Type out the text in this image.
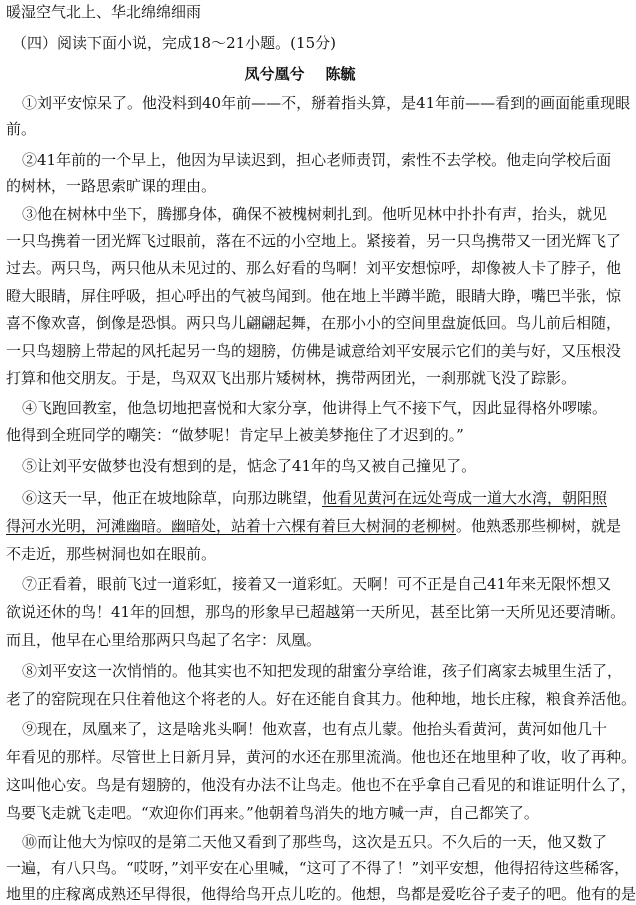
暖湿空气北上、华北绵绵细雨
（四）阅读下面小说，完成18～21小题。(15分)
凤兮凰兮 陈毓
①刘平安惊呆了。他没料到40年前——不，掰着指头算，是41年前——看到的画面能重现眼
前。
②41年前的一个早上，他因为早读迟到，担心老师责罚，索性不去学校。他走向学校后面
的树林，一路思索旷课的理由。
③他在树林中坐下，腾挪身体，确保不被槐树刺扎到。他听见林中扑扑有声，抬头，就见
一只鸟携着一团光辉飞过眼前，落在不远的小空地上。紧接着，另一只鸟携带又一团光辉飞了
过去。两只鸟，两只他从未见过的、那么好看的鸟啊！刘平安想惊呼，却像被人卡了脖子，他
瞪大眼睛，屏住呼吸，担心呼出的气被鸟闻到。他在地上半蹲半跪，眼睛大睁，嘴巴半张，惊
喜不像欢喜，倒像是恐惧。两只鸟儿翩翩起舞，在那小小的空间里盘旋低回。鸟儿前后相随，
一只鸟翅膀上带起的风托起另一鸟的翅膀，仿佛是诚意给刘平安展示它们的美与好，又压根没
打算和他交朋友。于是，鸟双双飞出那片矮树林，携带两团光，一刹那就飞没了踪影。
④飞跑回教室，他急切地把喜悦和大家分享，他讲得上气不接下气，因此显得格外啰嗦。
他得到全班同学的嘲笑：“做梦呢！肯定早上被美梦拖住了才迟到的。”
⑤让刘平安做梦也没有想到的是，惦念了41年的鸟又被自己撞见了。
⑥这天一早，他正在坡地除草，向那边眺望，他看见黄河在远处弯成一道大水湾，朝阳照
得河水光明，河滩幽暗。幽暗处，站着十六棵有着巨大树洞的老柳树。他熟悉那些柳树，就是
不走近，那些树洞也如在眼前。
⑦正看着，眼前飞过一道彩虹，接着又一道彩虹。天啊！可不正是自己41年来无限怀想又
欲说还休的鸟！41年的回想，那鸟的形象早已超越第一天所见，甚至比第一天所见还要清晰。
而且，他早在心里给那两只鸟起了名字：凤凰。
⑧刘平安这一次悄悄的。他其实也不知把发现的甜蜜分享给谁，孩子们离家去城里生活了，
老了的窑院现在只住着他这个将老的人。好在还能自食其力。他种地，地长庄稼，粮食养活他。
⑨现在，凤凰来了，这是啥兆头啊！他欢喜，也有点儿蒙。他抬头看黄河，黄河如他几十
年看见的那样。尽管世上日新月异，黄河的水还在那里流淌。他也还在地里种了收，收了再种。
这叫他心安。鸟是有翅膀的，他没有办法不让鸟走。他也不在乎拿自己看见的和谁证明什么了，
鸟要飞走就飞走吧。“欢迎你们再来。”他朝着鸟消失的地方喊一声，自己都笑了。
⑩而让他大为惊叹的是第二天他又看到了那些鸟，这次是五只。不久后的一天，他又数了
一遍，有八只鸟。“哎呀，”刘平安在心里喊，“这可了不得了！”刘平安想，他得招待这些稀客，
地里的庄稼离成熟还早得很，他得给鸟开点儿吃的。他想，鸟都是爱吃谷子麦子的吧。他有的是
